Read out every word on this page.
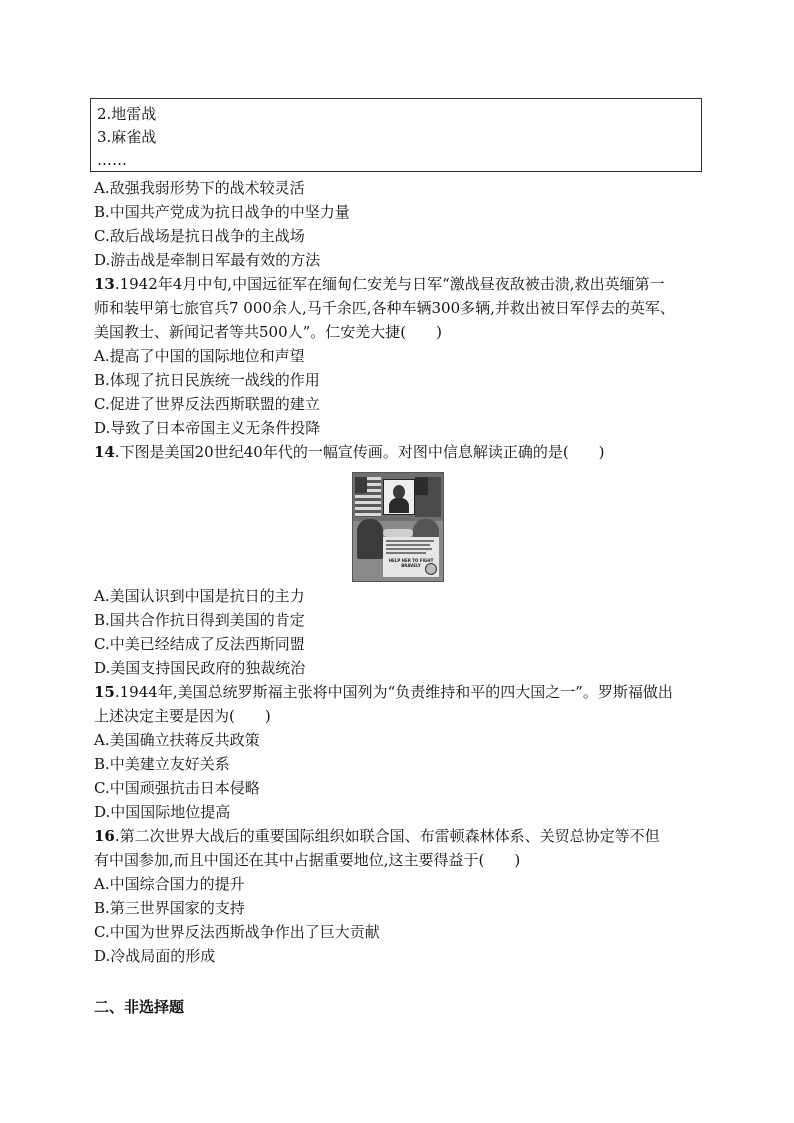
2.地雷战
3.麻雀战
……
A.敌强我弱形势下的战术较灵活
B.中国共产党成为抗日战争的中坚力量
C.敌后战场是抗日战争的主战场
D.游击战是牵制日军最有效的方法
13.1942年4月中旬,中国远征军在缅甸仁安羌与日军“激战昼夜敌被击溃,救出英缅第一
师和装甲第七旅官兵7 000余人,马千余匹,各种车辆300多辆,并救出被日军俘去的英军、
美国教士、新闻记者等共500人”。仁安羌大捷(　　)
A.提高了中国的国际地位和声望
B.体现了抗日民族统一战线的作用
C.促进了世界反法西斯联盟的建立
D.导致了日本帝国主义无条件投降
14.下图是美国20世纪40年代的一幅宣传画。对图中信息解读正确的是(　　)
HELP HER TO FIGHT BRAVELY
A.美国认识到中国是抗日的主力
B.国共合作抗日得到美国的肯定
C.中美已经结成了反法西斯同盟
D.美国支持国民政府的独裁统治
15.1944年,美国总统罗斯福主张将中国列为“负责维持和平的四大国之一”。罗斯福做出
上述决定主要是因为(　　)
A.美国确立扶蒋反共政策
B.中美建立友好关系
C.中国顽强抗击日本侵略
D.中国国际地位提高
16.第二次世界大战后的重要国际组织如联合国、布雷顿森林体系、关贸总协定等不但
有中国参加,而且中国还在其中占据重要地位,这主要得益于(　　)
A.中国综合国力的提升
B.第三世界国家的支持
C.中国为世界反法西斯战争作出了巨大贡献
D.冷战局面的形成
二、非选择题
